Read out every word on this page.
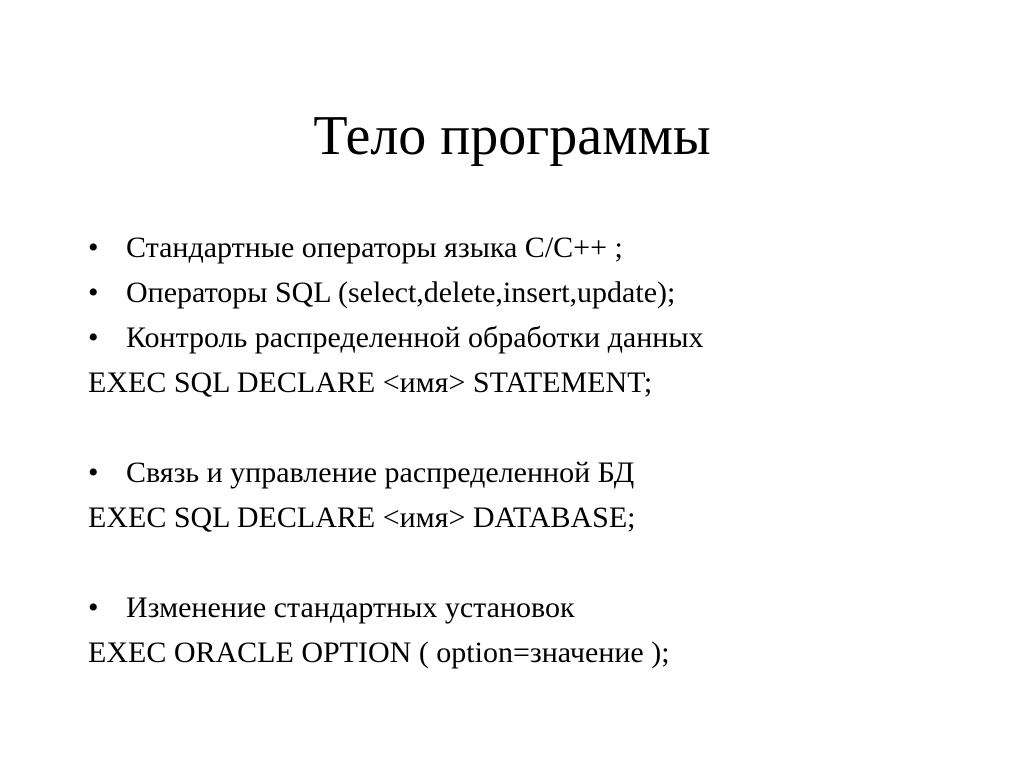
Тело программы
• Стандартные операторы языка С/С++ ;
• Операторы SQL (select,delete,insert,update);
• Контроль распределенной обработки данных
EXEC SQL DECLARE <имя> STATEMENT;
• Связь и управление распределенной БД
EXEC SQL DECLARE <имя> DATABASE;
• Изменение стандартных установок
EXEC ORACLE OPTION ( option=значение );
